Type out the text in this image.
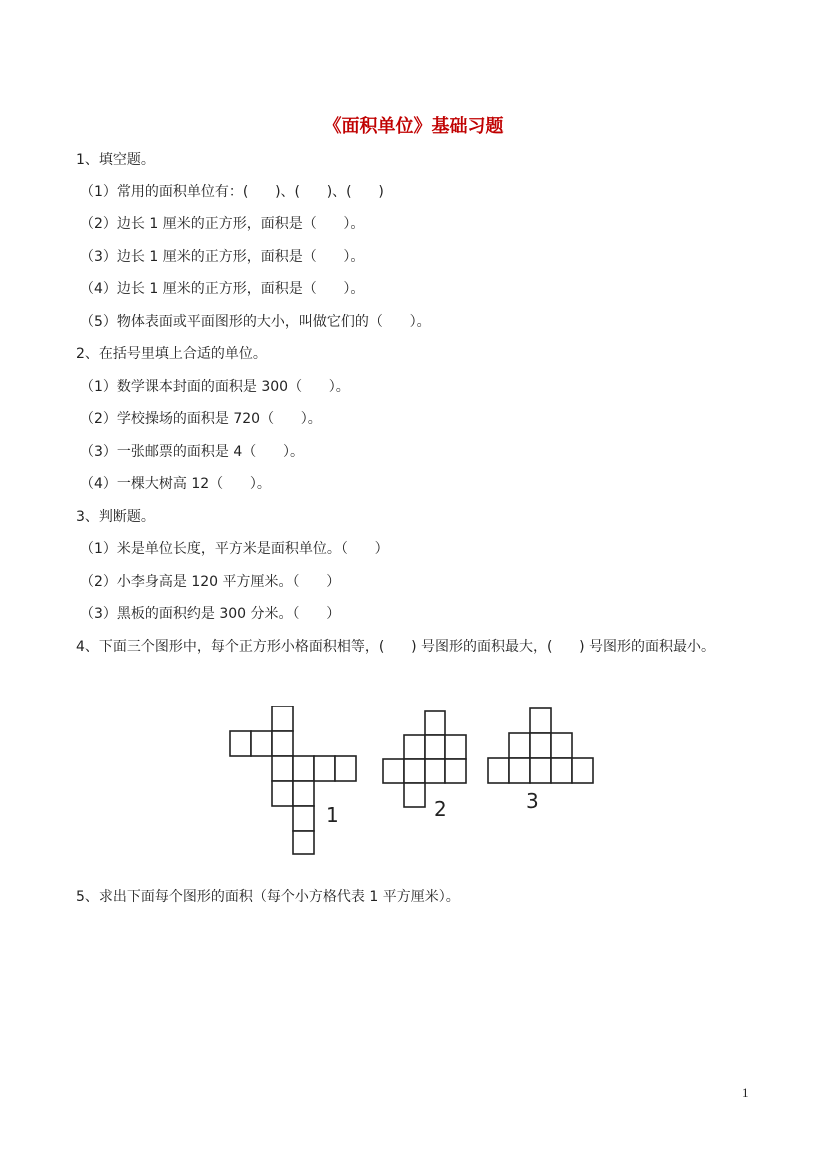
《面积单位》基础习题
1、填空题。
（1）常用的面积单位有：(      )、(      )、(      )
（2）边长 1 厘米的正方形，面积是（      ）。
（3）边长 1 厘米的正方形，面积是（      ）。
（4）边长 1 厘米的正方形，面积是（      ）。
（5）物体表面或平面图形的大小，叫做它们的（      ）。
2、在括号里填上合适的单位。
（1）数学课本封面的面积是 300（      ）。
（2）学校操场的面积是 720（      ）。
（3）一张邮票的面积是 4（      ）。
（4）一棵大树高 12（      ）。
3、判断题。
（1）米是单位长度，平方米是面积单位。（      ）
（2）小李身高是 120 平方厘米。（      ）
（3）黑板的面积约是 300 分米。（      ）
4、下面三个图形中，每个正方形小格面积相等，(      ) 号图形的面积最大，(      ) 号图形的面积最小。
1	2	3
5、求出下面每个图形的面积（每个小方格代表 1 平方厘米）。
1
